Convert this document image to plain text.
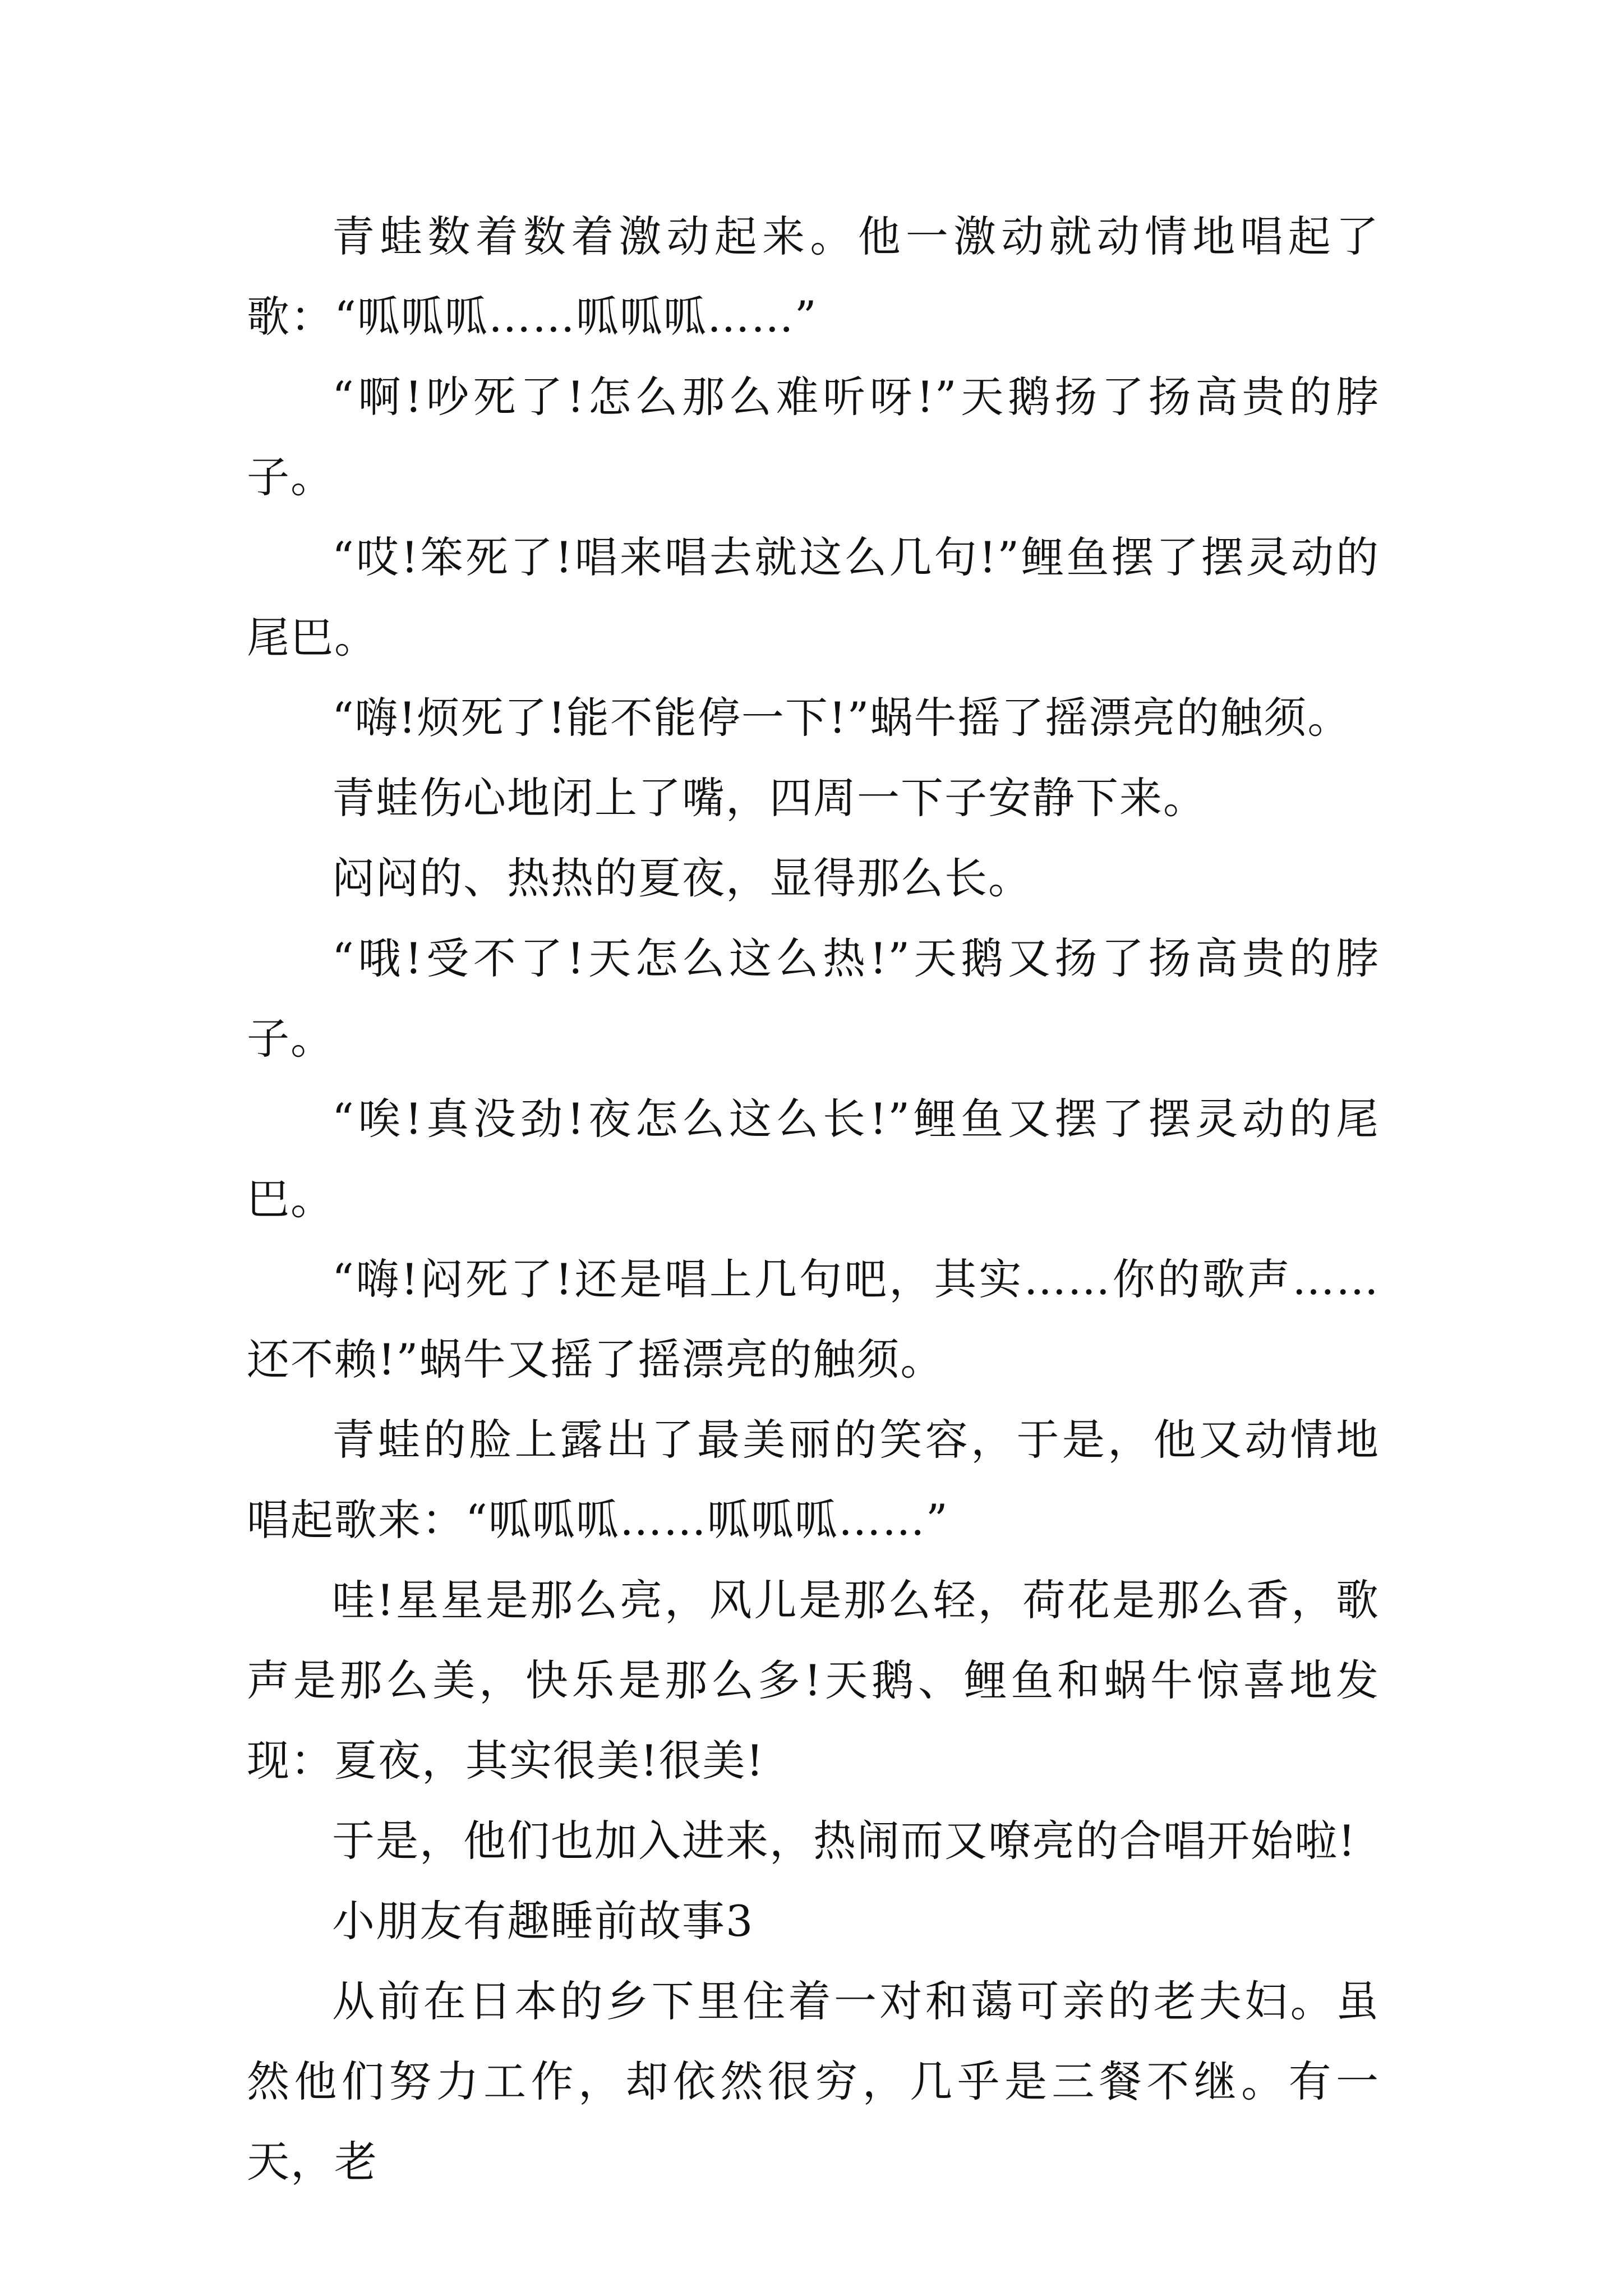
青蛙数着数着激动起来。他一激动就动情地唱起了歌：“呱呱呱……呱呱呱……”

“啊!吵死了!怎么那么难听呀!”天鹅扬了扬高贵的脖子。

“哎!笨死了!唱来唱去就这么几句!”鲤鱼摆了摆灵动的尾巴。

“嗨!烦死了!能不能停一下!”蜗牛摇了摇漂亮的触须。

青蛙伤心地闭上了嘴，四周一下子安静下来。

闷闷的、热热的夏夜，显得那么长。

“哦!受不了!天怎么这么热!”天鹅又扬了扬高贵的脖子。

“唉!真没劲!夜怎么这么长!”鲤鱼又摆了摆灵动的尾巴。

“嗨!闷死了!还是唱上几句吧，其实……你的歌声……还不赖!”蜗牛又摇了摇漂亮的触须。

青蛙的脸上露出了最美丽的笑容，于是，他又动情地唱起歌来：“呱呱呱……呱呱呱……”

哇!星星是那么亮，风儿是那么轻，荷花是那么香，歌声是那么美，快乐是那么多!天鹅、鲤鱼和蜗牛惊喜地发现：夏夜，其实很美!很美!

于是，他们也加入进来，热闹而又嘹亮的合唱开始啦!

小朋友有趣睡前故事3

从前在日本的乡下里住着一对和蔼可亲的老夫妇。虽然他们努力工作，却依然很穷，几乎是三餐不继。有一天，老
